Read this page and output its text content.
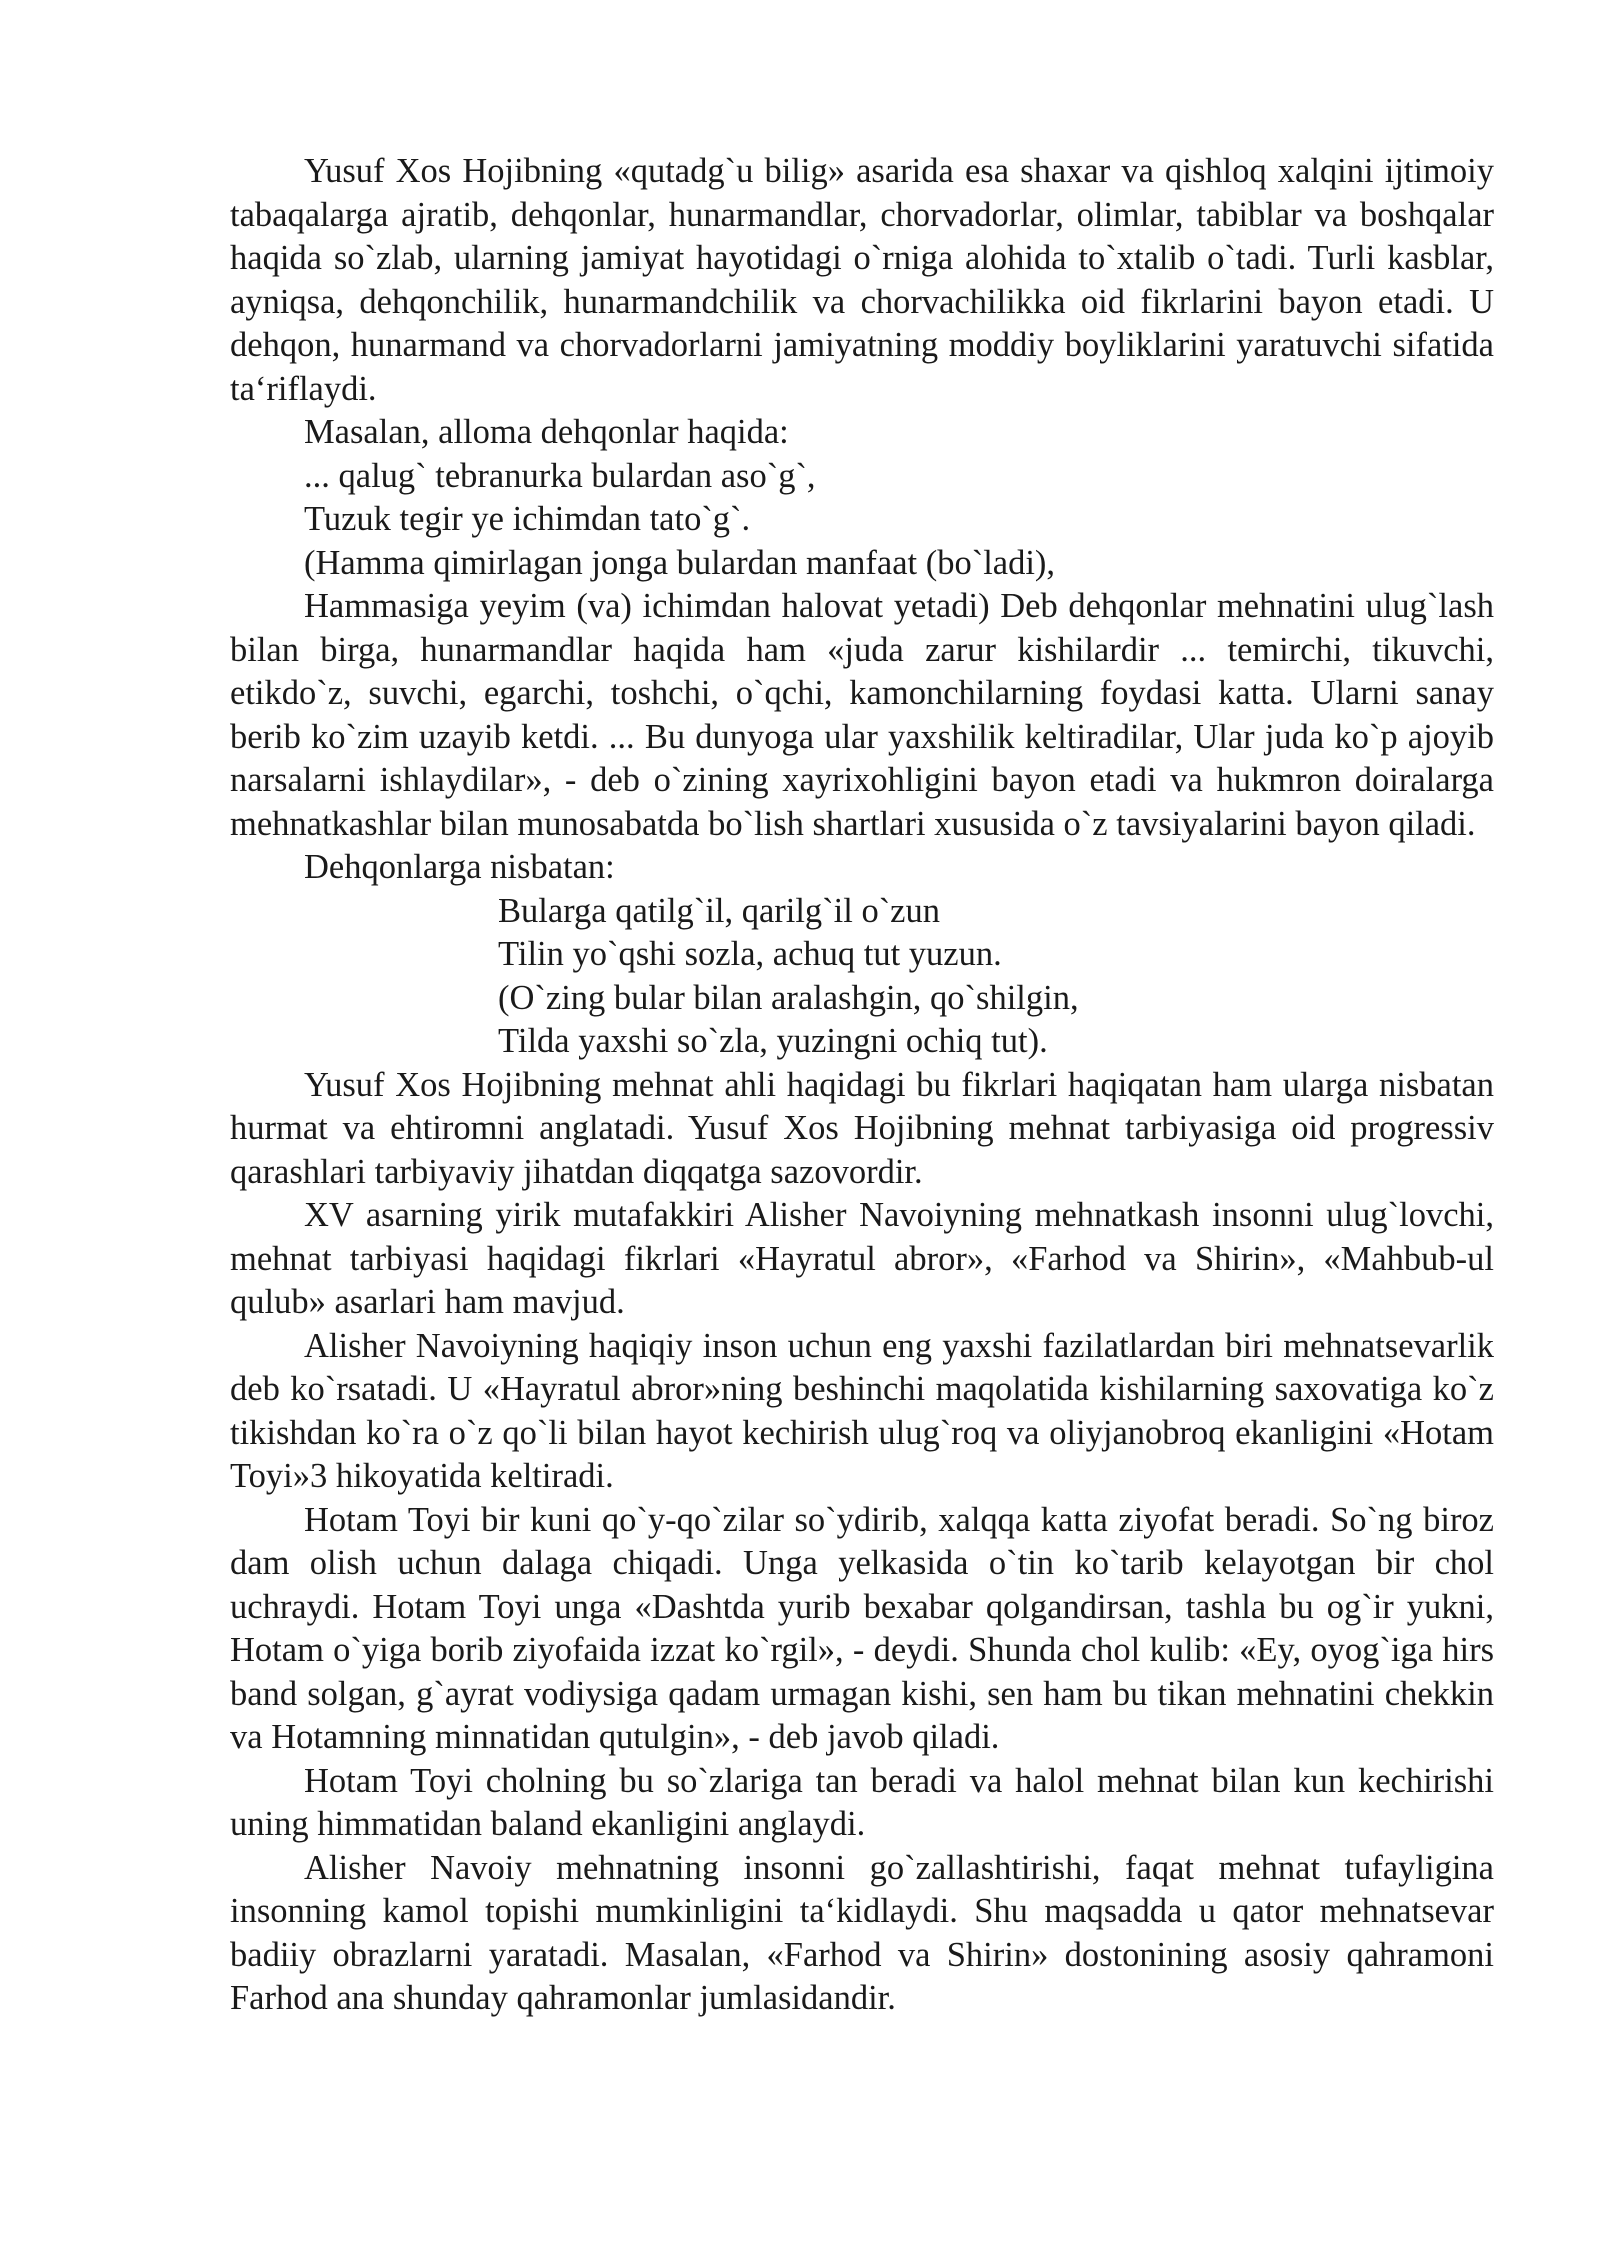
Yusuf Xos Hojibning «qutadg`u bilig» asarida esa shaxar va qishloq xalqini ijtimoiy tabaqalarga ajratib, dehqonlar, hunarmandlar, chorvadorlar, olimlar, tabiblar va boshqalar haqida so`zlab, ularning jamiyat hayotidagi o`rniga alohida to`xtalib o`tadi. Turli kasblar, ayniqsa, dehqonchilik, hunarmandchilik va chorvachilikka oid fikrlarini bayon etadi. U dehqon, hunarmand va chorvadorlarni jamiyatning moddiy boyliklarini yaratuvchi sifatida ta‘riflaydi.

Masalan, alloma dehqonlar haqida:

... qalug` tebranurka bulardan aso`g`,

Tuzuk tegir ye ichimdan tato`g`.

(Hamma qimirlagan jonga bulardan manfaat (bo`ladi),

Hammasiga yeyim (va) ichimdan halovat yetadi) Deb dehqonlar mehnatini ulug`lash bilan birga, hunarmandlar haqida ham «juda zarur kishilardir ... temirchi, tikuvchi, etikdo`z, suvchi, egarchi, toshchi, o`qchi, kamonchilarning foydasi katta. Ularni sanay berib ko`zim uzayib ketdi. ... Bu dunyoga ular yaxshilik keltiradilar, Ular juda ko`p ajoyib narsalarni ishlaydilar», - deb o`zining xayrixohligini bayon etadi va hukmron doiralarga mehnatkashlar bilan munosabatda bo`lish shartlari xususida o`z tavsiyalarini bayon qiladi.

Dehqonlarga nisbatan:

Bularga qatilg`il, qarilg`il o`zun

Tilin yo`qshi sozla, achuq tut yuzun.

(O`zing bular bilan aralashgin, qo`shilgin,

Tilda yaxshi so`zla, yuzingni ochiq tut).

Yusuf Xos Hojibning mehnat ahli haqidagi bu fikrlari haqiqatan ham ularga nisbatan hurmat va ehtiromni anglatadi. Yusuf Xos Hojibning mehnat tarbiyasiga oid progressiv qarashlari tarbiyaviy jihatdan diqqatga sazovordir.

XV asarning yirik mutafakkiri Alisher Navoiyning mehnatkash insonni ulug`lovchi, mehnat tarbiyasi haqidagi fikrlari «Hayratul abror», «Farhod va Shirin», «Mahbub-ul qulub» asarlari ham mavjud.

Alisher Navoiyning haqiqiy inson uchun eng yaxshi fazilatlardan biri mehnatsevarlik deb ko`rsatadi. U «Hayratul abror»ning beshinchi maqolatida kishilarning saxovatiga ko`z tikishdan ko`ra o`z qo`li bilan hayot kechirish ulug`roq va oliyjanobroq ekanligini «Hotam Toyi»3 hikoyatida keltiradi.

Hotam Toyi bir kuni qo`y-qo`zilar so`ydirib, xalqqa katta ziyofat beradi. So`ng biroz dam olish uchun dalaga chiqadi. Unga yelkasida o`tin ko`tarib kelayotgan bir chol uchraydi. Hotam Toyi unga «Dashtda yurib bexabar qolgandirsan, tashla bu og`ir yukni, Hotam o`yiga borib ziyofaida izzat ko`rgil», - deydi. Shunda chol kulib: «Ey, oyog`iga hirs band solgan, g`ayrat vodiysiga qadam urmagan kishi, sen ham bu tikan mehnatini chekkin va Hotamning minnatidan qutulgin», - deb javob qiladi.

Hotam Toyi cholning bu so`zlariga tan beradi va halol mehnat bilan kun kechirishi uning himmatidan baland ekanligini anglaydi.

Alisher Navoiy mehnatning insonni go`zallashtirishi, faqat mehnat tufayligina insonning kamol topishi mumkinligini ta‘kidlaydi. Shu maqsadda u qator mehnatsevar badiiy obrazlarni yaratadi. Masalan, «Farhod va Shirin» dostonining asosiy qahramoni Farhod ana shunday qahramonlar jumlasidandir.
